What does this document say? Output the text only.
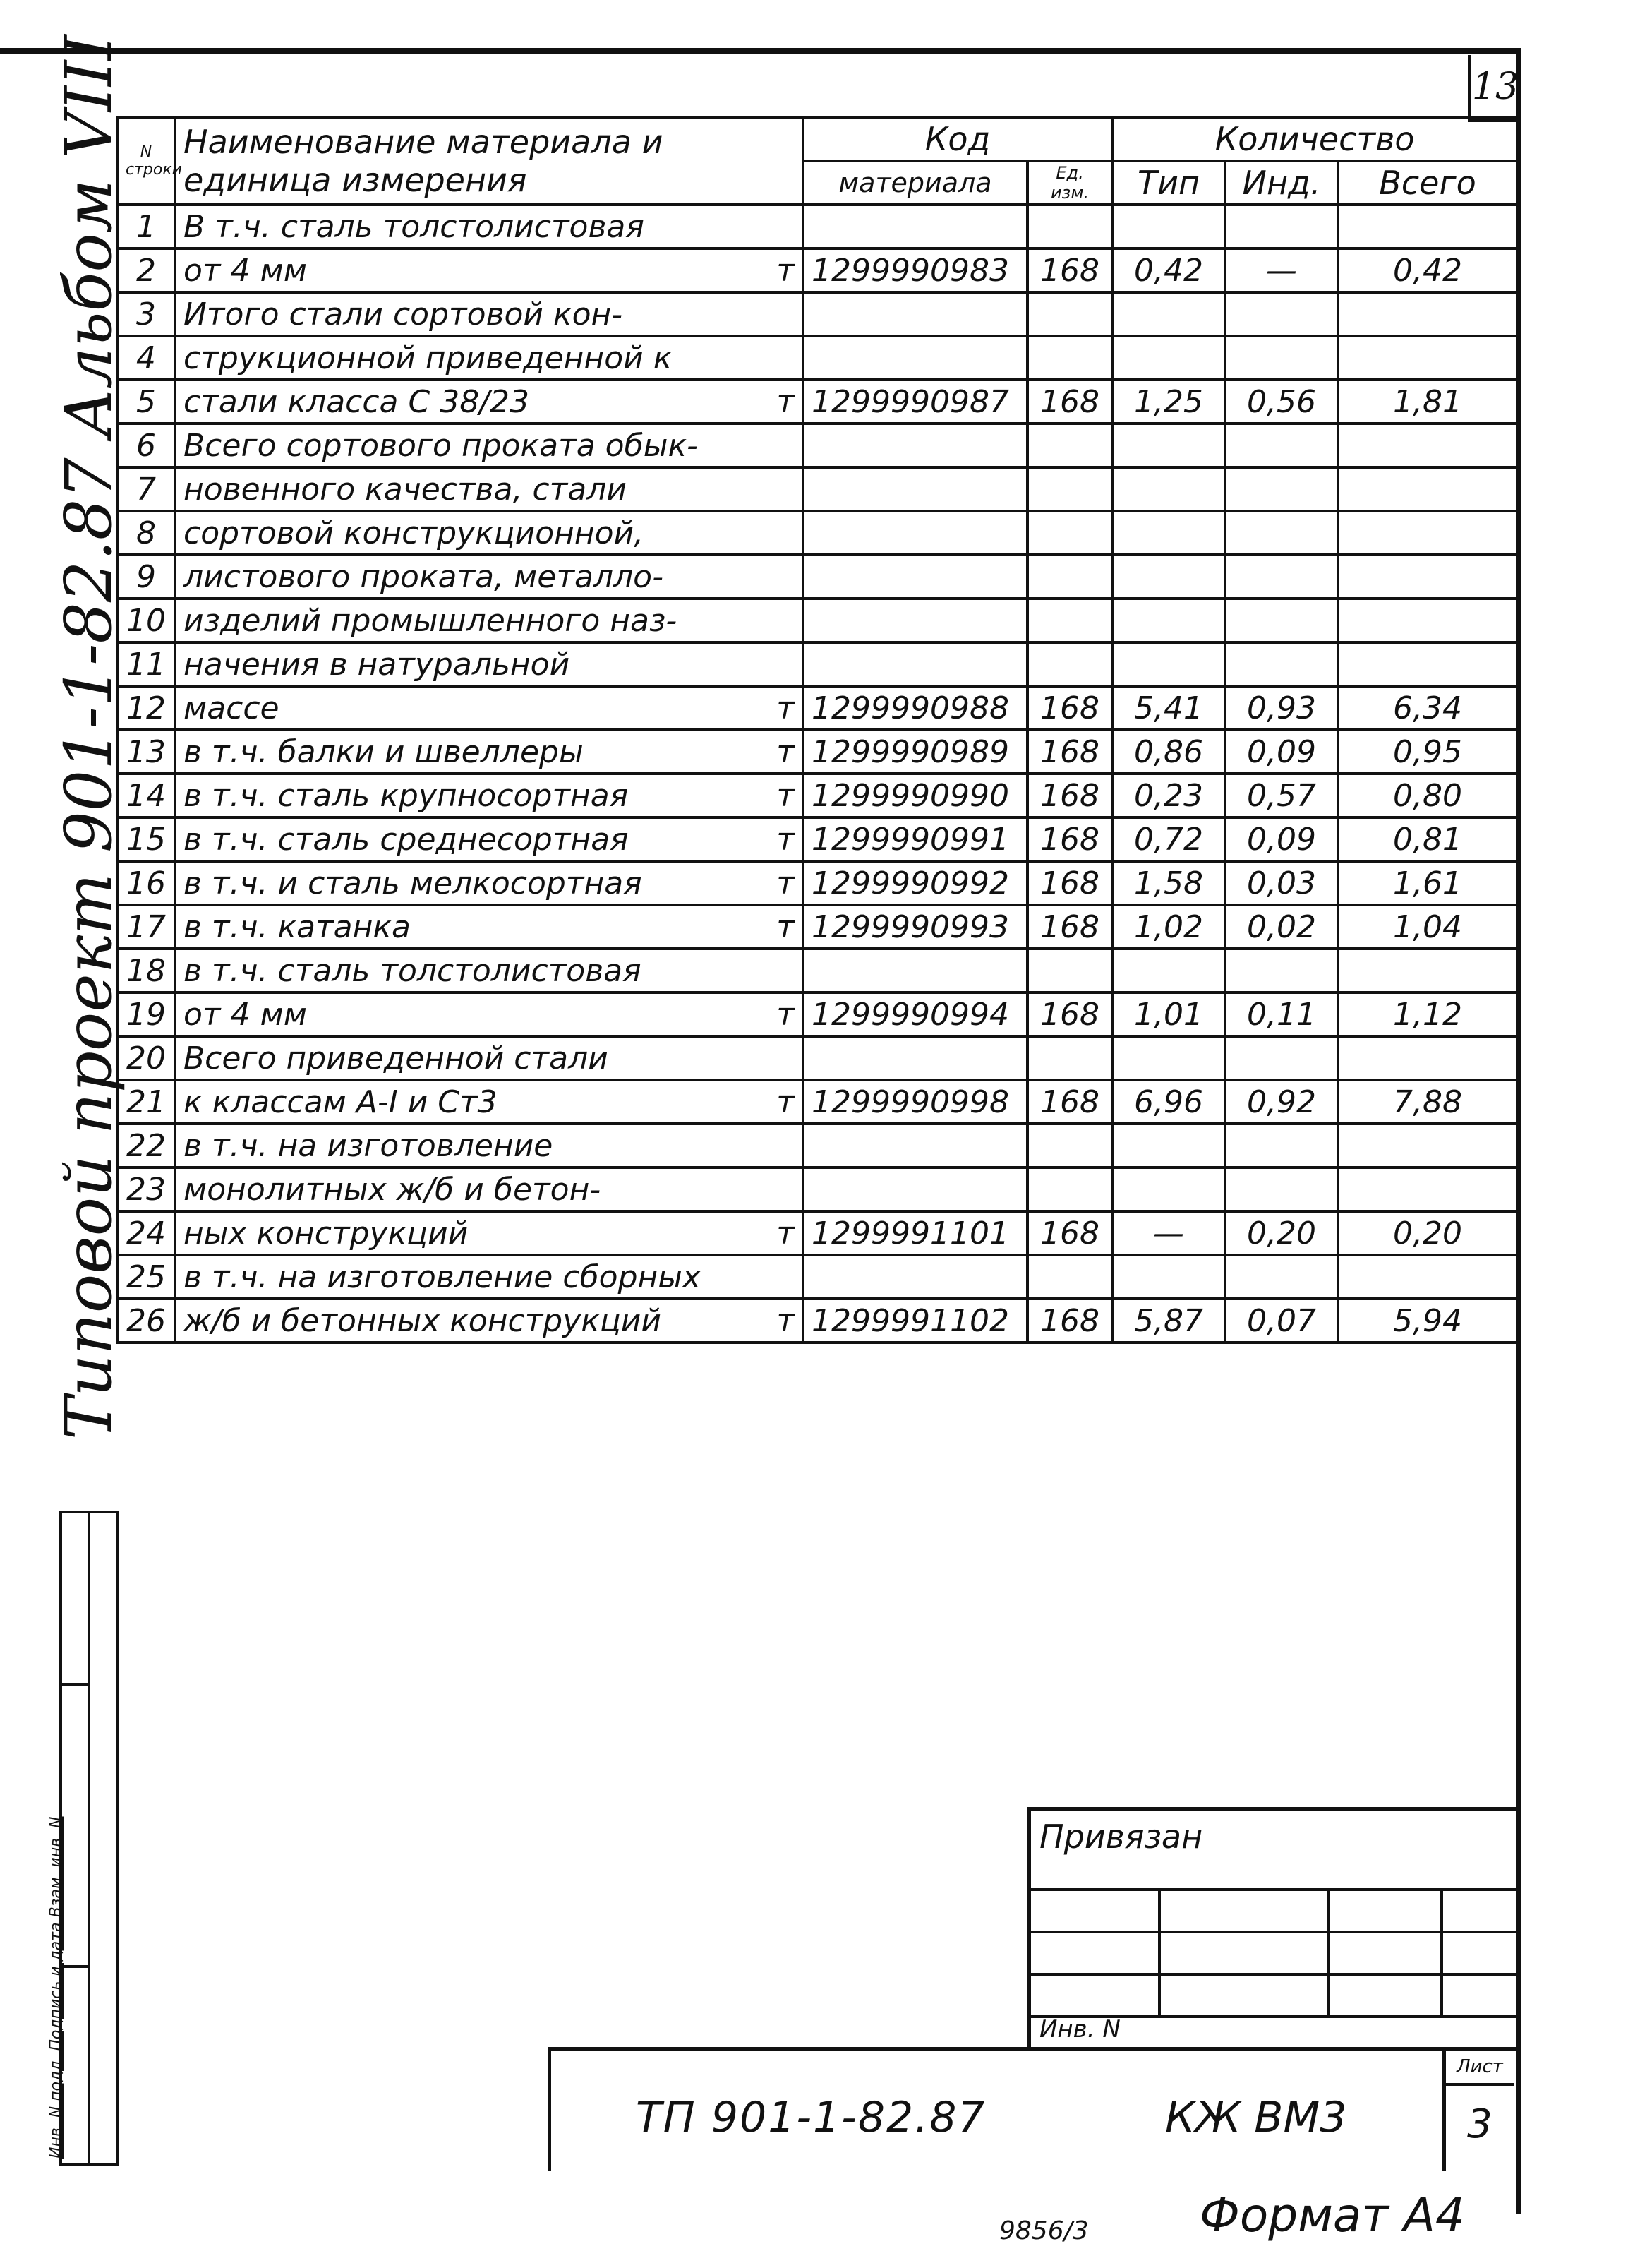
13
Альбом VIII
Типовой проект 901-1-82.87
Инв. N подл. Подпись и дата Взам. инв. N
N строки	Наименование материала и единица измерения	Код		Количество		
		материала	Ед. изм.	Тип	Инд.	Всего
1	В т.ч. сталь толстолистовая

2	от 4 мм т	1299990983	168	0,42	—	0,42
3	Итого стали сортовой кон-

4	струкционной приведенной к

5	стали класса С 38/23 т	1299990987	168	1,25	0,56	1,81
6	Всего сортового проката обык-

7	новенного качества, стали

8	сортовой конструкционной,

9	листового проката, металло-

10	изделий промышленного наз-

11	начения в натуральной

12	массе т	1299990988	168	5,41	0,93	6,34
13	в т.ч. балки и швеллеры т	1299990989	168	0,86	0,09	0,95
14	в т.ч. сталь крупносортная т	1299990990	168	0,23	0,57	0,80
15	в т.ч. сталь среднесортная т	1299990991	168	0,72	0,09	0,81
16	в т.ч. и сталь мелкосортная т	1299990992	168	1,58	0,03	1,61
17	в т.ч. катанка т	1299990993	168	1,02	0,02	1,04
18	в т.ч. сталь толстолистовая

19	от 4 мм т	1299990994	168	1,01	0,11	1,12
20	Всего приведенной стали

21	к классам А-I и Ст3 т	1299990998	168	6,96	0,92	7,88
22	в т.ч. на изготовление

23	монолитных ж/б и бетон-

24	ных конструкций т	1299991101	168	—	0,20	0,20
25	в т.ч. на изготовление сборных

26	ж/б и бетонных конструкций т	1299991102	168	5,87	0,07	5,94
Привязан
Инв. N
ТП 901-1-82.87	КЖ ВМ3
Лист
3
9856/3 Формат А4
